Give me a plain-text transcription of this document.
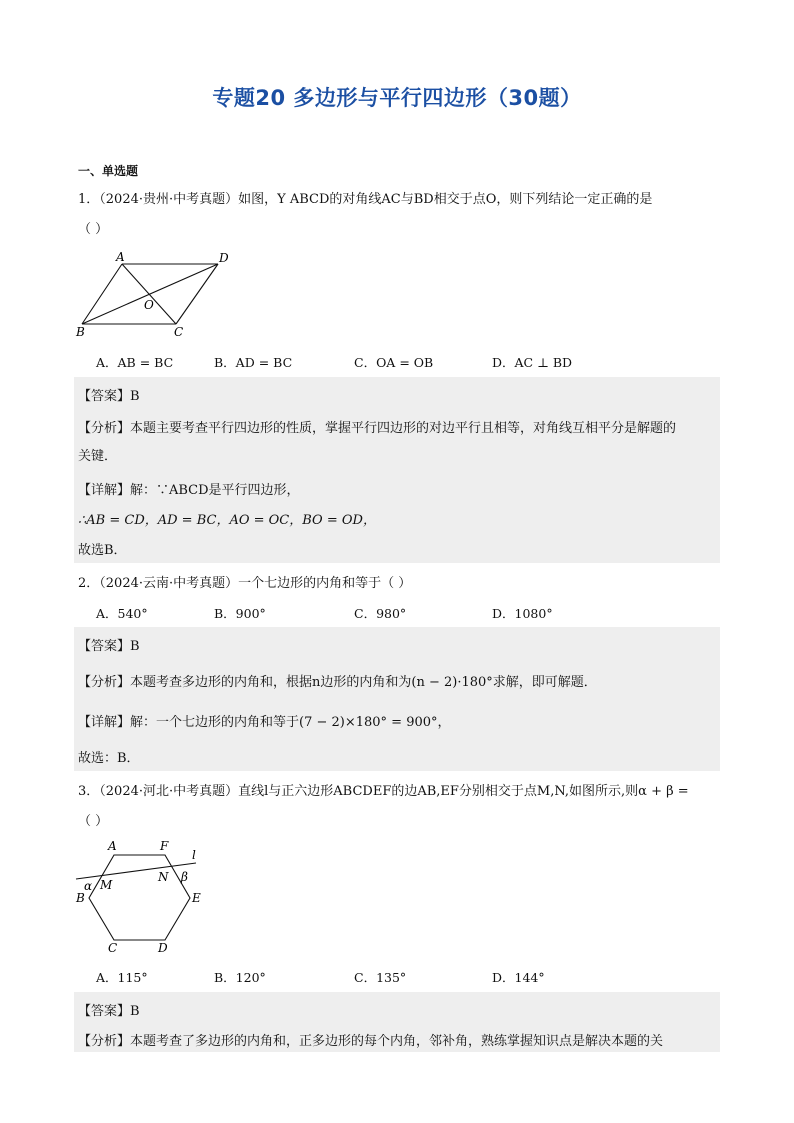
专题20 多边形与平行四边形（30题）
一、单选题
1．（2024·贵州·中考真题）如图，Y ABCD的对角线AC与BD相交于点O，则下列结论一定正确的是
（ ）
A	D
O
B	C
A．AB = BC	B．AD = BC	C．OA = OB	D．AC ⊥ BD
【答案】B
【分析】本题主要考查平行四边形的性质，掌握平行四边形的对边平行且相等，对角线互相平分是解题的
关键．
【详解】解：∵ABCD是平行四边形，
∴AB = CD，AD = BC，AO = OC，BO = OD，
故选B．
2．（2024·云南·中考真题）一个七边形的内角和等于（ ）
A．540°	B．900°	C．980°	D．1080°
【答案】B
【分析】本题考查多边形的内角和，根据n边形的内角和为(n − 2)·180°求解，即可解题．
【详解】解：一个七边形的内角和等于(7 − 2)×180° = 900°，
故选：B．
3．（2024·河北·中考真题）直线l与正六边形ABCDEF的边AB,EF分别相交于点M,N,如图所示,则α + β =
（ ）
A	F
l
α M
N β
B	E
C	D
A．115°	B．120°	C．135°	D．144°
【答案】B
【分析】本题考查了多边形的内角和，正多边形的每个内角，邻补角，熟练掌握知识点是解决本题的关
